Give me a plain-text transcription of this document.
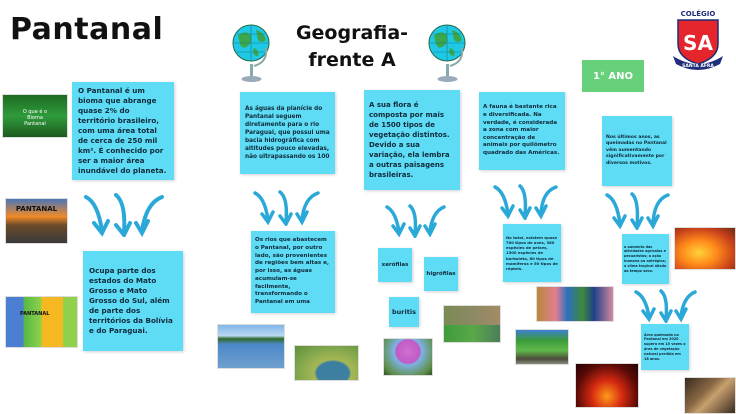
Pantanal	Geografia-
frente A
1° ANO
COLÉGIO
SA
SANTA AFRA
O que é o Bioma Pantanal
PANTANAL
PANTANAL
O Pantanal é um bioma que abrange quase 2% do território brasileiro, com uma área total de cerca de 250 mil km². É conhecido por ser a maior área inundável do planeta.
Ocupa parte dos estados do Mato Grosso e Mato Grosso do Sul, além de parte dos territórios da Bolívia e do Paraguai.
As águas da planície do Pantanal seguem diretamente para o rio Paraguai, que possui uma bacia hidrográfica com altitudes pouco elevadas, não ultrapassando os 100
Os rios que abastecem o Pantanal, por outro lado, são provenientes de regiões bem altas e, por isso, as águas acumulam-se facilmente, transformando o Pantanal em uma
A sua flora é composta por mais de 1500 tipos de vegetação distintos. Devido a sua variação, ela lembra a outras paisagens brasileiras.
xerófilas
higrófilas
buritis
A fauna é bastante rica e diversificada. Na verdade, é considerada a zona com maior concentração de animais por quilômetro quadrado das Américas.
No total, existem quase 700 tipos de aves, 380 espécies de peixes, 1300 espécies de borboleta, 80 tipos de mamíferos e 50 tipos de répteis.
Nos últimos anos, as queimadas no Pantanal vêm aumentando significativamente por diversos motivos.
o aumento das atividades agrícolas e pecuaristas; a ação humana ou antrópica; o clima tropical aliado ao tempo seco.
Área queimada no Pantanal em 2020 supera em 10 vezes a área de vegetação natural perdida em 18 anos.
